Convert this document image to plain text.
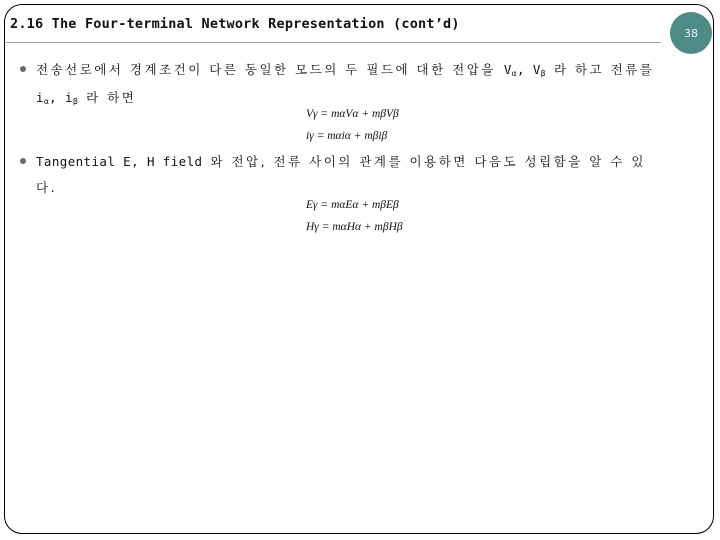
2.16 The Four-terminal Network Representation (cont’d)
38
전송선로에서 경계조건이 다른 동일한 모드의 두 필드에 대한 전압을 $V_\alpha$, $V_\beta$ 라 하고 전류를
$i_\alpha$, $i_\beta$ 라 하면
Vγ = mαVα + mβVβ
iγ = mαiα + mβiβ
Tangential E, H field 와 전압, 전류 사이의 관계를 이용하면 다음도 성립함을 알 수 있
다.
Eγ = mαEα + mβEβ
Hγ = mαHα + mβHβ
